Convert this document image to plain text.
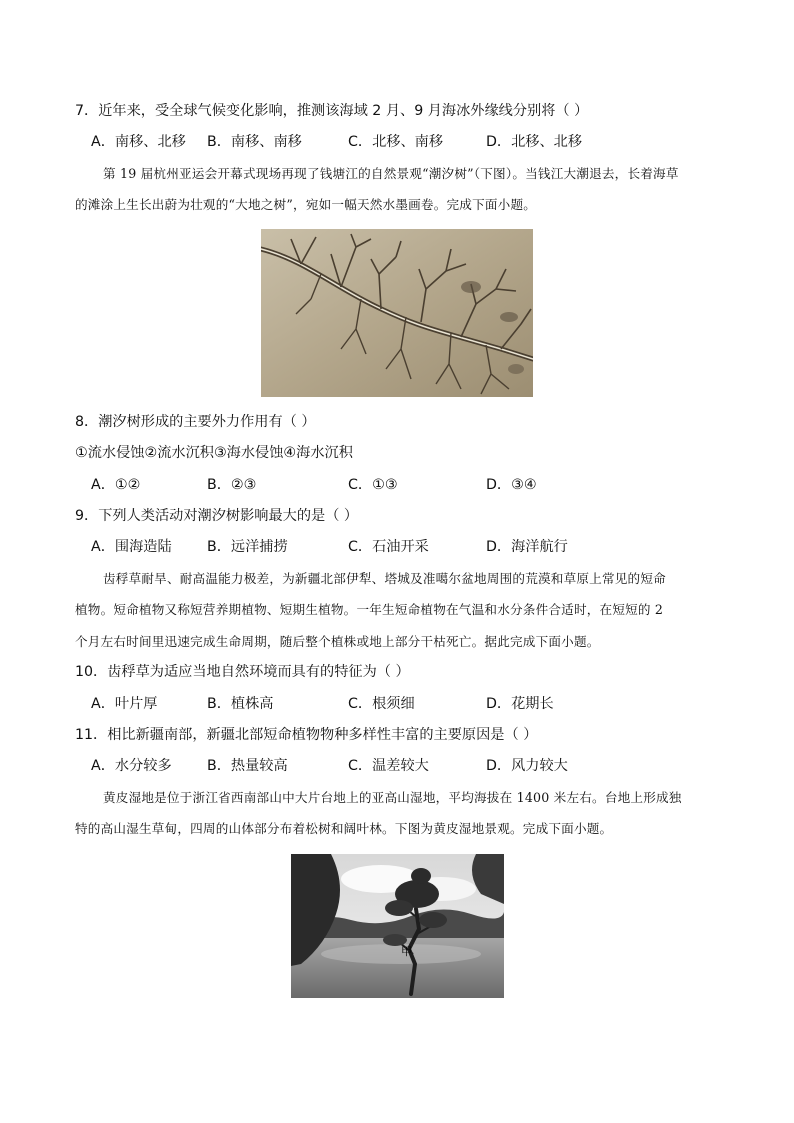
7．近年来，受全球气候变化影响，推测该海域 2 月、9 月海冰外缘线分别将（ ）
A．南移、北移 B．南移、南移	C．北移、南移	D．北移、北移
第 19 届杭州亚运会开幕式现场再现了钱塘江的自然景观“潮汐树”（下图）。当钱江大潮退去，长着海草
的滩涂上生长出蔚为壮观的“大地之树”，宛如一幅天然水墨画卷。完成下面小题。
8．潮汐树形成的主要外力作用有（ ）
①流水侵蚀②流水沉积③海水侵蚀④海水沉积
A．①②	B．②③	C．①③	D．③④
9．下列人类活动对潮汐树影响最大的是（ ）
A．围海造陆 B．远洋捕捞	C．石油开采	D．海洋航行
齿稃草耐旱、耐高温能力极差，为新疆北部伊犁、塔城及准噶尔盆地周围的荒漠和草原上常见的短命
植物。短命植物又称短营养期植物、短期生植物。一年生短命植物在气温和水分条件合适时，在短短的 2
个月左右时间里迅速完成生命周期，随后整个植株或地上部分干枯死亡。据此完成下面小题。
10．齿稃草为适应当地自然环境而具有的特征为（ ）
A．叶片厚	B．植株高	C．根须细	D．花期长
11．相比新疆南部，新疆北部短命植物物种多样性丰富的主要原因是（ ）
A．水分较多 B．热量较高	C．温差较大	D．风力较大
黄皮湿地是位于浙江省西南部山中大片台地上的亚高山湿地，平均海拔在 1400 米左右。台地上形成独
特的高山湿生草甸，四周的山体部分布着松树和阔叶林。下图为黄皮湿地景观。完成下面小题。
甲
